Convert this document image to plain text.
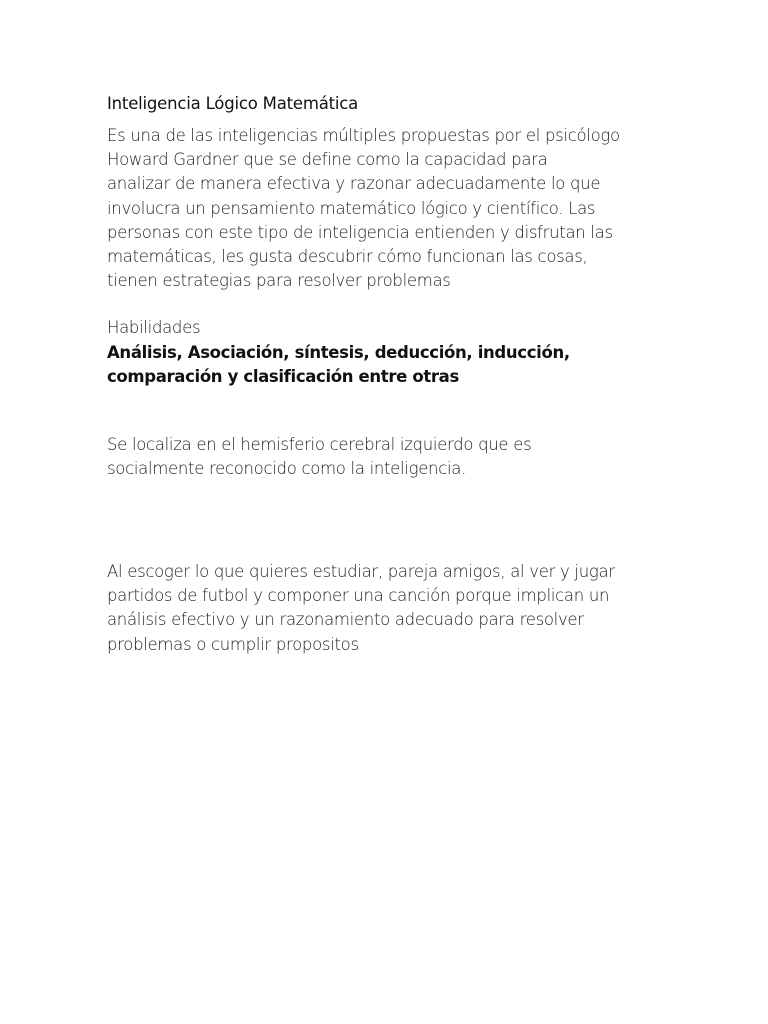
Inteligencia Lógico Matemática
Es una de las inteligencias múltiples propuestas por el psicólogo
Howard Gardner que se define como la capacidad para
analizar de manera efectiva y razonar adecuadamente lo que
involucra un pensamiento matemático lógico y científico. Las
personas con este tipo de inteligencia entienden y disfrutan las
matemáticas, les gusta descubrir cómo funcionan las cosas,
tienen estrategias para resolver problemas
Habilidades
Análisis, Asociación, síntesis, deducción, inducción,
comparación y clasificación entre otras
Se localiza en el hemisferio cerebral izquierdo que es
socialmente reconocido como la inteligencia.
Al escoger lo que quieres estudiar, pareja amigos, al ver y jugar
partidos de futbol y componer una canción porque implican un
análisis efectivo y un razonamiento adecuado para resolver
problemas o cumplir propositos
